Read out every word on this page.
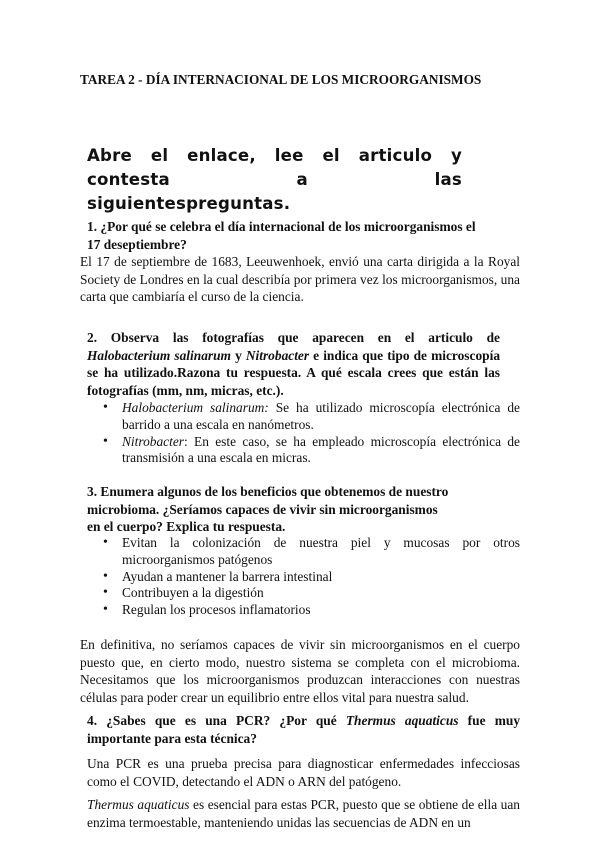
TAREA 2 - DÍA INTERNACIONAL DE LOS MICROORGANISMOS

Abre el enlace, lee el articulo y contesta a las

siguientespreguntas.

1. ¿Por qué se celebra el día internacional de los microorganismos el

17 deseptiembre?

El 17 de septiembre de 1683, Leeuwenhoek, envió una carta dirigida a la Royal Society de Londres en la cual describía por primera vez los microorganismos, una carta que cambiaría el curso de la ciencia.

2. Observa las fotografías que aparecen en el articulo de
Halobacterium salinarum y Nitrobacter e indica que tipo de microscopía se ha utilizado.Razona tu respuesta. A qué escala crees que están las fotografías (mm, nm, micras, etc.).

• Halobacterium salinarum: Se ha utilizado microscopía electrónica de barrido a una escala en nanómetros.
• Nitrobacter: En este caso, se ha empleado microscopía electrónica de transmisión a una escala en micras.

3. Enumera algunos de los beneficios que obtenemos de nuestro

microbioma. ¿Seríamos capaces de vivir sin microorganismos

en el cuerpo? Explica tu respuesta.

• Evitan la colonización de nuestra piel y mucosas por otros microorganismos patógenos
• Ayudan a mantener la barrera intestinal
• Contribuyen a la digestión
• Regulan los procesos inflamatorios

En definitiva, no seríamos capaces de vivir sin microorganismos en el cuerpo puesto que, en cierto modo, nuestro sistema se completa con el microbioma. Necesitamos que los microorganismos produzcan interacciones con nuestras células para poder crear un equilibrio entre ellos vital para nuestra salud.

4. ¿Sabes que es una PCR? ¿Por qué Thermus aquaticus fue muy importante para esta técnica?

Una PCR es una prueba precisa para diagnosticar enfermedades infecciosas como el COVID, detectando el ADN o ARN del patógeno.

Thermus aquaticus es esencial para estas PCR, puesto que se obtiene de ella uan enzima termoestable, manteniendo unidas las secuencias de ADN en un
